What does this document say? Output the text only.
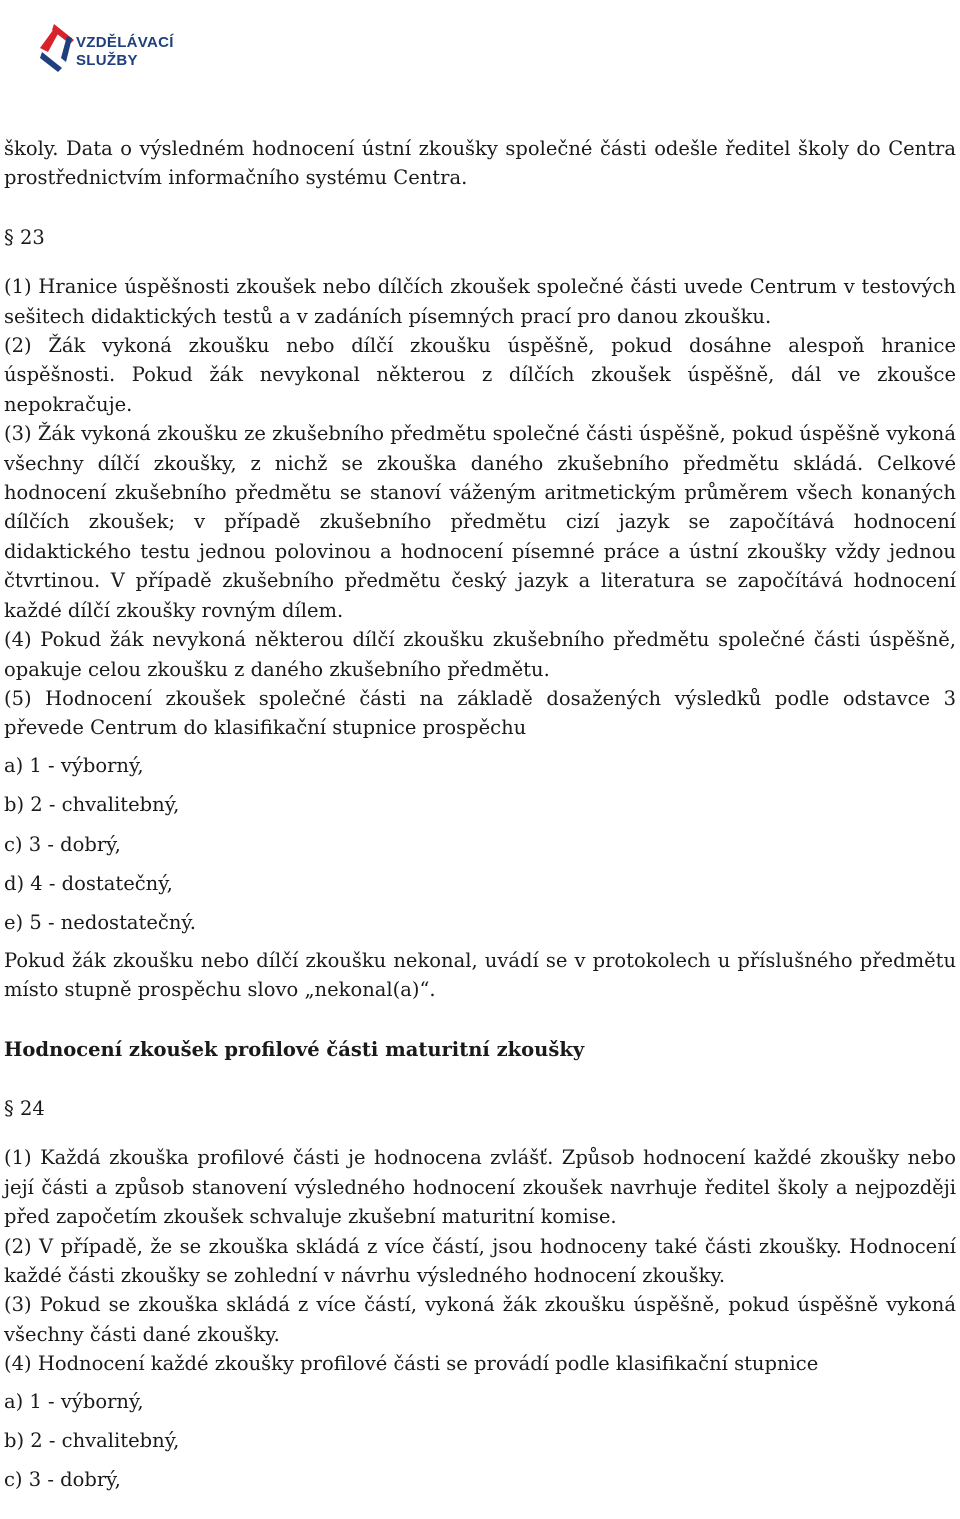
VZDĚLÁVACÍ
SLUŽBY

školy. Data o výsledném hodnocení ústní zkoušky společné části odešle ředitel školy do Centra prostřednictvím informačního systému Centra.

§ 23

(1) Hranice úspěšnosti zkoušek nebo dílčích zkoušek společné části uvede Centrum v testových sešitech didaktických testů a v zadáních písemných prací pro danou zkoušku.

(2) Žák vykoná zkoušku nebo dílčí zkoušku úspěšně, pokud dosáhne alespoň hranice úspěšnosti. Pokud žák nevykonal některou z dílčích zkoušek úspěšně, dál ve zkoušce nepokračuje.

(3) Žák vykoná zkoušku ze zkušebního předmětu společné části úspěšně, pokud úspěšně vykoná všechny dílčí zkoušky, z nichž se zkouška daného zkušebního předmětu skládá. Celkové hodnocení zkušebního předmětu se stanoví váženým aritmetickým průměrem všech konaných dílčích zkoušek; v případě zkušebního předmětu cizí jazyk se započítává hodnocení didaktického testu jednou polovinou a hodnocení písemné práce a ústní zkoušky vždy jednou čtvrtinou. V případě zkušebního předmětu český jazyk a literatura se započítává hodnocení každé dílčí zkoušky rovným dílem.

(4) Pokud žák nevykoná některou dílčí zkoušku zkušebního předmětu společné části úspěšně, opakuje celou zkoušku z daného zkušebního předmětu.

(5) Hodnocení zkoušek společné části na základě dosažených výsledků podle odstavce 3 převede Centrum do klasifikační stupnice prospěchu

a) 1 - výborný,

b) 2 - chvalitebný,

c) 3 - dobrý,

d) 4 - dostatečný,

e) 5 - nedostatečný.

Pokud žák zkoušku nebo dílčí zkoušku nekonal, uvádí se v protokolech u příslušného předmětu místo stupně prospěchu slovo „nekonal(a)“.

Hodnocení zkoušek profilové části maturitní zkoušky

§ 24

(1) Každá zkouška profilové části je hodnocena zvlášť. Způsob hodnocení každé zkoušky nebo její části a způsob stanovení výsledného hodnocení zkoušek navrhuje ředitel školy a nejpozději před započetím zkoušek schvaluje zkušební maturitní komise.

(2) V případě, že se zkouška skládá z více částí, jsou hodnoceny také části zkoušky. Hodnocení každé části zkoušky se zohlední v návrhu výsledného hodnocení zkoušky.

(3) Pokud se zkouška skládá z více částí, vykoná žák zkoušku úspěšně, pokud úspěšně vykoná všechny části dané zkoušky.

(4) Hodnocení každé zkoušky profilové části se provádí podle klasifikační stupnice

a) 1 - výborný,

b) 2 - chvalitebný,

c) 3 - dobrý,
